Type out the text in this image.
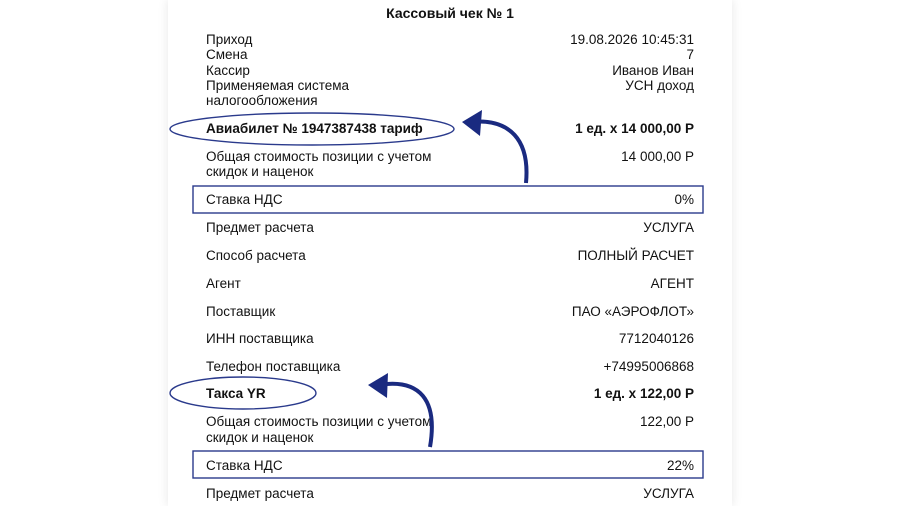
Кассовый чек № 1
Приход	19.08.2026 10:45:31
Смена	7
Кассир	Иванов Иван
Применяемая система	УСН доход
налогообложения
Авиабилет № 1947387438 тариф	1 ед. x 14 000,00 Р
Общая стоимость позиции с учетом	14 000,00 Р
скидок и наценок
Ставка НДС	0%
Предмет расчета	УСЛУГА
Способ расчета	ПОЛНЫЙ РАСЧЕТ
Агент	АГЕНТ
Поставщик	ПАО «АЭРОФЛОТ»
ИНН поставщика	7712040126
Телефон поставщика	+74995006868
Такса YR	1 ед. x 122,00 Р
Общая стоимость позиции с учетом	122,00 Р
скидок и наценок
Ставка НДС	22%
Предмет расчета	УСЛУГА
